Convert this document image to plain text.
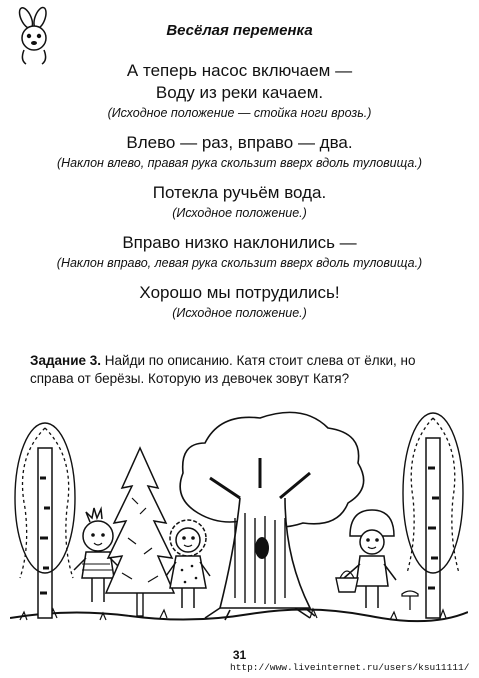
Весёлая переменка

А теперь насос включаем —

Воду из реки качаем.

(Исходное положение — стойка ноги врозь.)

Влево — раз, вправо — два.

(Наклон влево, правая рука скользит вверх вдоль туловища.)

Потекла ручьём вода.

(Исходное положение.)

Вправо низко наклонились —

(Наклон вправо, левая рука скользит вверх вдоль туловища.)

Хорошо мы потрудились!

(Исходное положение.)

Задание 3. Найди по описанию. Катя стоит слева от ёлки, но справа от берёзы. Которую из девочек зовут Катя?
31
http://www.liveinternet.ru/users/ksu11111/
